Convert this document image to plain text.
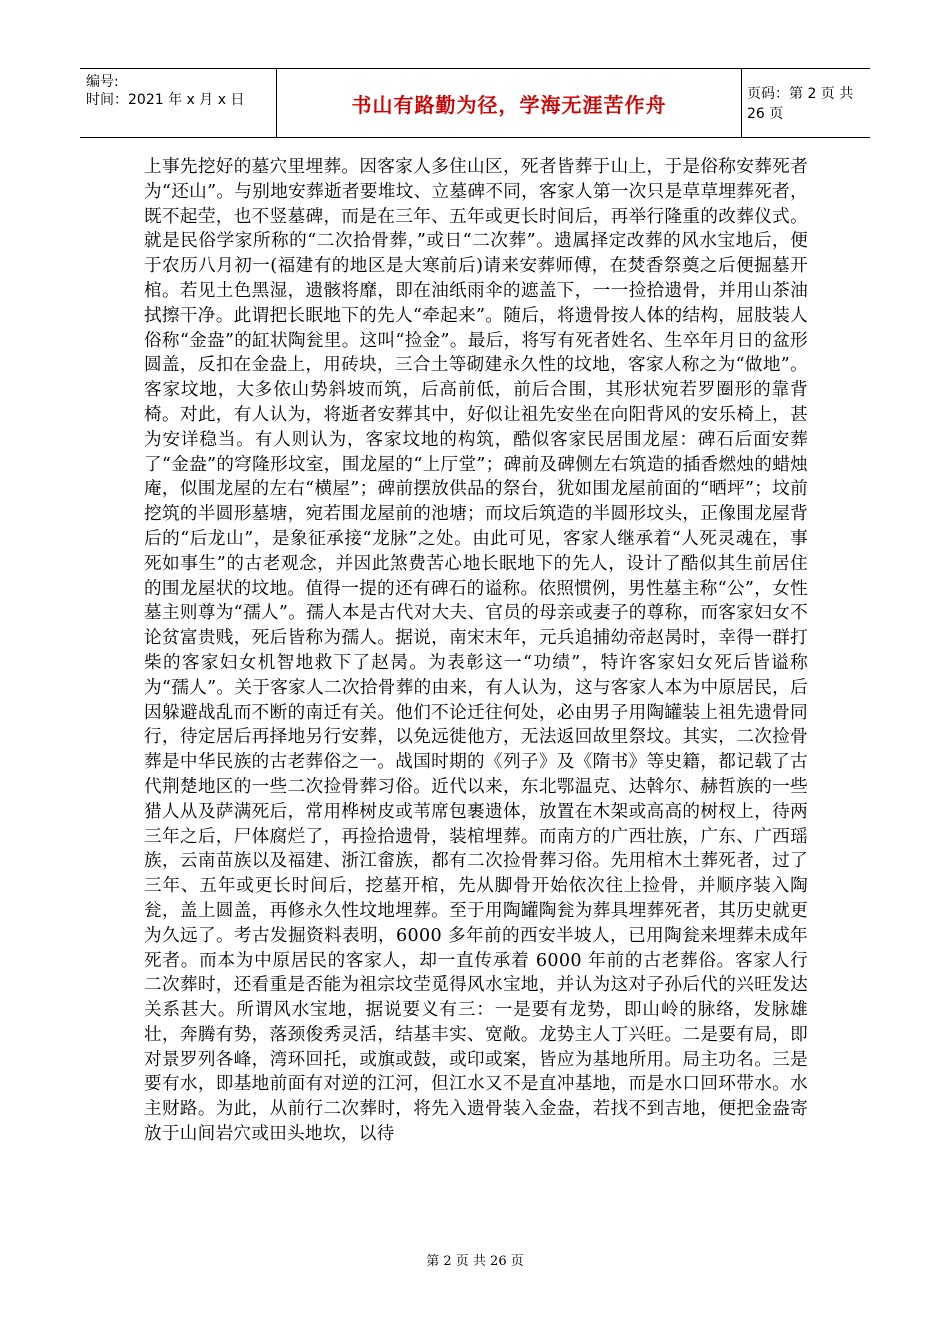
编号:
时间：2021 年 x 月 x 日	书山有路勤为径，学海无涯苦作舟	页码：第 2 页 共 26 页

上事先挖好的墓穴里埋葬。因客家人多住山区，死者皆葬于山上，于是俗称安葬死者为“还山”。与别地安葬逝者要堆坟、立墓碑不同，客家人第一次只是草草埋葬死者，既不起茔，也不竖墓碑，而是在三年、五年或更长时间后，再举行隆重的改葬仪式。就是民俗学家所称的“二次拾骨葬，”或日“二次葬”。遗属择定改葬的风水宝地后，便于农历八月初一(福建有的地区是大寒前后)请来安葬师傅，在焚香祭奠之后便掘墓开棺。若见土色黑湿，遗骸将靡，即在油纸雨伞的遮盖下，一一捡拾遗骨，并用山茶油拭擦干净。此谓把长眠地下的先人“牵起来”。随后，将遗骨按人体的结构，屈肢装人俗称“金盎”的缸状陶瓮里。这叫“捡金”。最后，将写有死者姓名、生卒年月日的盆形圆盖，反扣在金盎上，用砖块，三合土等砌建永久性的坟地，客家人称之为“做地”。客家坟地，大多依山势斜坡而筑，后高前低，前后合围，其形状宛若罗圈形的靠背椅。对此，有人认为，将逝者安葬其中，好似让祖先安坐在向阳背风的安乐椅上，甚为安详稳当。有人则认为，客家坟地的构筑，酷似客家民居围龙屋：碑石后面安葬了“金盎”的穹隆形坟室，围龙屋的“上厅堂”；碑前及碑侧左右筑造的插香燃烛的蜡烛庵，似围龙屋的左右“横屋”；碑前摆放供品的祭台，犹如围龙屋前面的“晒坪”；坟前挖筑的半圆形墓塘，宛若围龙屋前的池塘；而坟后筑造的半圆形坟头，正像围龙屋背后的“后龙山”，是象征承接“龙脉”之处。由此可见，客家人继承着“人死灵魂在，事死如事生”的古老观念，并因此煞费苦心地长眠地下的先人，设计了酷似其生前居住的围龙屋状的坟地。值得一提的还有碑石的谥称。依照惯例，男性墓主称“公”，女性墓主则尊为“孺人”。孺人本是古代对大夫、官员的母亲或妻子的尊称，而客家妇女不论贫富贵贱，死后皆称为孺人。据说，南宋末年，元兵追捕幼帝赵昺时，幸得一群打柴的客家妇女机智地救下了赵昺。为表彰这一“功绩”，特许客家妇女死后皆谥称为“孺人”。关于客家人二次拾骨葬的由来，有人认为，这与客家人本为中原居民，后因躲避战乱而不断的南迁有关。他们不论迁往何处，必由男子用陶罐装上祖先遗骨同行，待定居后再择地另行安葬，以免远徙他方，无法返回故里祭坟。其实，二次捡骨葬是中华民族的古老葬俗之一。战国时期的《列子》及《隋书》等史籍，都记载了古代荆楚地区的一些二次捡骨葬习俗。近代以来，东北鄂温克、达斡尔、赫哲族的一些猎人从及萨满死后，常用桦树皮或苇席包裹遗体，放置在木架或高高的树杈上，待两三年之后，尸体腐烂了，再捡拾遗骨，装棺埋葬。而南方的广西壮族，广东、广西瑶族，云南苗族以及福建、浙江畲族，都有二次捡骨葬习俗。先用棺木土葬死者，过了三年、五年或更长时间后，挖墓开棺，先从脚骨开始依次往上捡骨，并顺序装入陶瓮，盖上圆盖，再修永久性坟地埋葬。至于用陶罐陶瓮为葬具埋葬死者，其历史就更为久远了。考古发掘资料表明，6000 多年前的西安半坡人，已用陶瓮来埋葬未成年死者。而本为中原居民的客家人，却一直传承着 6000 年前的古老葬俗。客家人行二次葬时，还看重是否能为祖宗坟茔觅得风水宝地，并认为这对子孙后代的兴旺发达关系甚大。所谓风水宝地，据说要义有三：一是要有龙势，即山岭的脉络，发脉雄壮，奔腾有势，落颈俊秀灵活，结基丰实、宽敞。龙势主人丁兴旺。二是要有局，即对景罗列各峰，湾环回托，或旗或鼓，或印或案，皆应为基地所用。局主功名。三是要有水，即基地前面有对逆的江河，但江水又不是直冲基地，而是水口回环带水。水主财路。为此，从前行二次葬时，将先入遗骨装入金盎，若找不到吉地，便把金盎寄放于山间岩穴或田头地坎，以待

第 2 页 共 26 页
